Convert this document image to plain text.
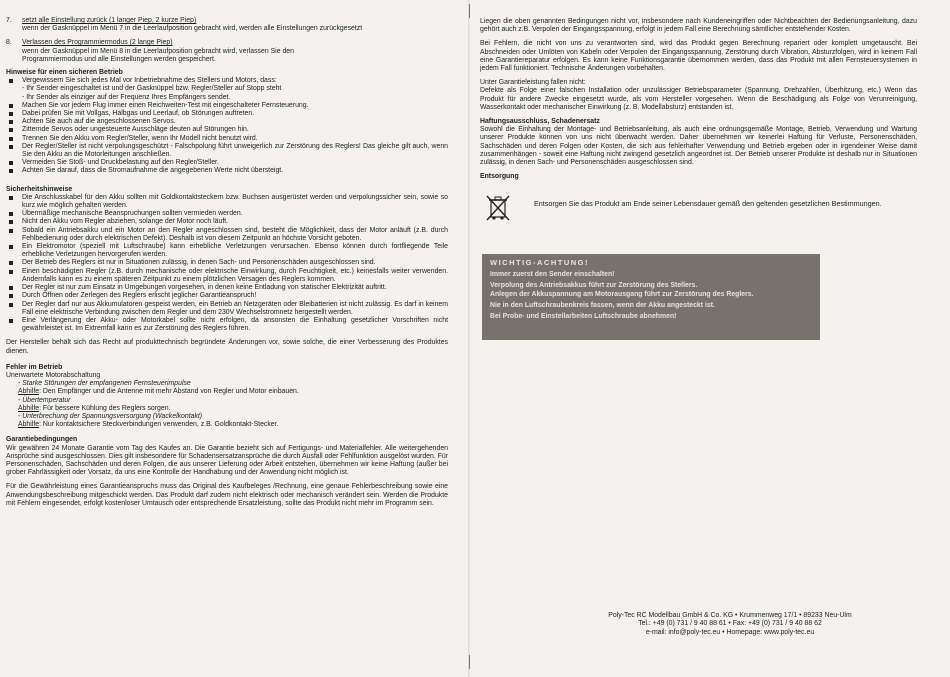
7.	setzt alle Einstellung zurück (1 langer Piep, 2 kurze Piep)
wenn der Gasknüppel im Menü 7 in die Leerlaufposition gebracht wird, werden alle Einstellungen zurückgesetzt
8.	Verlassen des Programmiermodus (2 lange Piep)
wenn der Gasknüppel im Menü 8 in die Leerlaufposition gebracht wird, verlassen Sie den
Programmiermodus und alle Einstellungen werden gespeichert.
Hinweise für einen sicheren Betrieb
Vergewissern Sie sich jedes Mal vor Inbetriebnahme des Stellers und Motors, dass:
- Ihr Sender eingeschaltet ist und der Gasknüppel bzw. Regler/Steller auf Stopp steht
- Ihr Sender als einziger auf der Frequenz Ihres Empfängers sendet.
Machen Sie vor jedem Flug immer einen Reichweiten-Test mit eingeschalteter Fernsteuerung.
Dabei prüfen Sie mit Vollgas, Halbgas und Leerlauf, ob Störungen auftreten.
Achten Sie auch auf die angeschlossenen Servos.
Zitternde Servos oder ungesteuerte Ausschläge deuten auf Störungen hin.
Trennen Sie den Akku vom Regler/Steller, wenn Ihr Modell nicht benutzt wird.
Der Regler/Steller ist nicht verpolungsgeschützt - Falschpolung führt unweigerlich zur Zerstörung des Reglers! Das gleiche gilt auch, wenn Sie den Akku an die Motorleitungen anschließen.
Vermeiden Sie Stoß- und Druckbelastung auf den Regler/Steller.
Achten Sie darauf, dass die Stromaufnahme die angegebenen Werte nicht übersteigt.
Sicherheitshinweise
Die Anschlusskabel für den Akku sollten mit Goldkontaktsteckern bzw. Buchsen ausgerüstet werden und verpolungssicher sein, sowie so kurz wie möglich gehalten werden.
Übermäßige mechanische Beanspruchungen sollten vermieden werden.
Nicht den Akku vom Regler abziehen, solange der Motor noch läuft.
Sobald ein Antriebsakku und ein Motor an den Regler angeschlossen sind, besteht die Möglichkeit, dass der Motor anläuft (z.B. durch Fehlbedienung oder durch elektrischen Defekt). Deshalb ist von diesem Zeitpunkt an höchste Vorsicht geboten.
Ein Elektromotor (speziell mit Luftschraube) kann erhebliche Verletzungen verursachen. Ebenso können durch fortfliegende Teile erhebliche Verletzungen hervorgerufen werden.
Der Betrieb des Reglers ist nur in Situationen zulässig, in denen Sach- und Personenschäden ausgeschlossen sind.
Einen beschädigten Regler (z.B. durch mechanische oder elektrische Einwirkung, durch Feuchtigkeit, etc.) keinesfalls weiter verwenden. Andernfalls kann es zu einem späteren Zeitpunkt zu einem plötzlichen Versagen des Reglers kommen.
Der Regler ist nur zum Einsatz in Umgebungen vorgesehen, in denen keine Entladung von statischer Elektrizität auftritt.
Durch Öffnen oder Zerlegen des Reglers erlischt jeglicher Garantieanspruch!
Der Regler darf nur aus Akkumulatoren gespeist werden, ein Betrieb an Netzgeräten oder Bleibatterien ist nicht zulässig. Es darf in keinem Fall eine elektrische Verbindung zwischen dem Regler und dem 230V Wechselstromnetz hergestellt werden.
Eine Verlängerung der Akku- oder Motorkabel sollte nicht erfolgen, da ansonsten die Einhaltung gesetzlicher Vorschriften nicht gewährleistet ist. Im Extremfall kann es zur Zerstörung des Reglers führen.

Der Hersteller behält sich das Recht auf produkttechnisch begründete Änderungen vor, sowie solche, die einer Verbesserung des Produktes dienen.

Fehler im Betrieb
Unerwartete Motorabschaltung
- Starke Störungen der empfangenen Fernsteuerimpulse
Abhilfe: Den Empfänger und die Antenne mit mehr Abstand von Regler und Motor einbauen.
- Übertemperatur
Abhilfe: Für bessere Kühlung des Reglers sorgen.
- Unterbrechung der Spannungsversorgung (Wackelkontakt)
Abhilfe: Nur kontaktsichere Steckverbindungen verwenden, z.B. Goldkontakt-Stecker.
Garantiebedingungen

Wir gewähren 24 Monate Garantie vom Tag des Kaufes an. Die Garantie bezieht sich auf Fertigungs- und Materialfehler. Alle weitergehenden Ansprüche sind ausgeschlossen. Dies gilt insbesondere für Schadensersatzansprüche die durch Ausfall oder Fehlfunktion ausgelöst wurden. Für Personenschäden, Sachschäden und deren Folgen, die aus unserer Lieferung oder Arbeit entstehen, übernehmen wir keine Haftung (außer bei grober Fahrlässigkeit oder Vorsatz, da uns eine Kontrolle der Handhabung und der Anwendung nicht möglich ist.

Für die Gewährleistung eines Garantieanspruchs muss das Original des Kaufbeleges /Rechnung, eine genaue Fehlerbeschreibung sowie eine Anwendungsbeschreibung mitgeschickt werden. Das Produkt darf zudem nicht elektrisch oder mechanisch verändert sein. Werden die Produkte mit Fehlern eingesendet, erfolgt kostenloser Umtausch oder entsprechende Ersatzleistung, sollte das Produkt nicht mehr im Programm sein.

Liegen die oben genannten Bedingungen nicht vor, insbesondere nach Kundeneingriffen oder Nichtbeachten der Bedienungsanleitung, dazu gehört auch z.B. Verpolen der Eingangsspannung, erfolgt in jedem Fall eine Berechnung sämtlicher entstehender Kosten.

Bei Fehlern, die nicht von uns zu verantworten sind, wird das Produkt gegen Berechnung repariert oder komplett umgetauscht. Bei Abschneiden oder Umlöten von Kabeln oder Verpolen der Eingangsspannung, Zerstörung durch Vibration, Absturzfolgen, wird in keinem Fall eine Garantiereparatur erfolgen. Es kann keine Funktionsgarantie übernommen werden, dass das Produkt mit allen Fernsteuersystemen in jedem Fall funktioniert. Technische Änderungen vorbehalten.

Unter Garantieleistung fallen nicht:

Defekte als Folge einer falschen Installation oder unzulässiger Betriebsparameter (Spannung, Drehzahlen, Überhitzung, etc.) Wenn das Produkt für andere Zwecke eingesetzt wurde, als vom Hersteller vorgesehen. Wenn die Beschädigung als Folge von Verunreinigung, Wasserkontakt oder mechanischer Einwirkung (z. B. Modellabsturz) entstanden ist.

Haftungsausschluss, Schadenersatz

Sowohl die Einhaltung der Montage- und Betriebsanleitung, als auch eine ordnungsgemäße Montage, Betrieb, Verwendung und Wartung unserer Produkte können von uns nicht überwacht werden. Daher übernehmen wir keinerlei Haftung für Verluste, Personenschäden, Sachschäden und deren Folgen oder Kosten, die sich aus fehlerhafter Verwendung und Betrieb ergeben oder in irgendeiner Weise damit zusammenhängen - soweit eine Haftung nicht zwingend gesetzlich angeordnet ist. Der Betrieb unserer Produkte ist deshalb nur in Situationen zulässig, in denen Sach- und Personenschäden ausgeschlossen sind.

Entsorgung

Entsorgen Sie das Produkt am Ende seiner Lebensdauer gemäß den geltenden gesetzlichen Bestimmungen.

WICHTIG-ACHTUNG!
Immer zuerst den Sender einschalten!
Verpolung des Antriebsakkus führt zur Zerstörung des Stellers.
Anlegen der Akkuspannung am Motorausgang führt zur Zerstörung des Reglers.
Nie in den Luftschraubenkreis fassen, wenn der Akku angesteckt ist.
Bei Probe- und Einstellarbeiten Luftschraube abnehmen!
Poly-Tec RC Modellbau GmbH & Co. KG • Krummenweg 17/1 • 89233 Neu-Ulm
Tel.: +49 (0) 731 / 9 40 88 61 • Fax: +49 (0) 731 / 9 40 88 62
e-mail: info@poly-tec.eu • Homepage: www.poly-tec.eu
